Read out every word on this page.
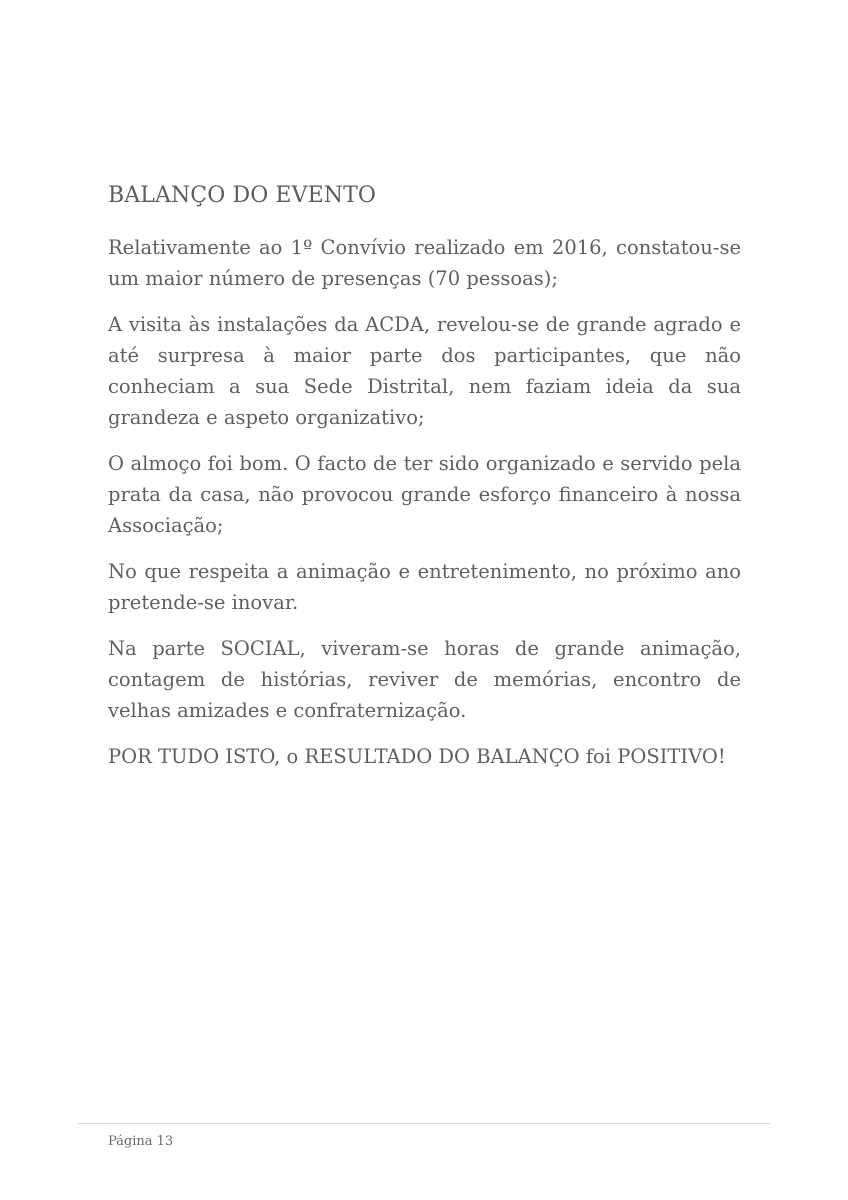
BALANÇO DO EVENTO

Relativamente ao 1º Convívio realizado em 2016, constatou-se um maior número de presenças (70 pessoas);

A visita às instalações da ACDA, revelou-se de grande agrado e até surpresa à maior parte dos participantes, que não conheciam a sua Sede Distrital, nem faziam ideia da sua grandeza e aspeto organizativo;

O almoço foi bom. O facto de ter sido organizado e servido pela prata da casa, não provocou grande esforço financeiro à nossa Associação;

No que respeita a animação e entretenimento, no próximo ano pretende-se inovar.

Na parte SOCIAL, viveram-se horas de grande animação, contagem de histórias, reviver de memórias, encontro de velhas amizades e confraternização.

POR TUDO ISTO, o RESULTADO DO BALANÇO foi POSITIVO!

Página 13
